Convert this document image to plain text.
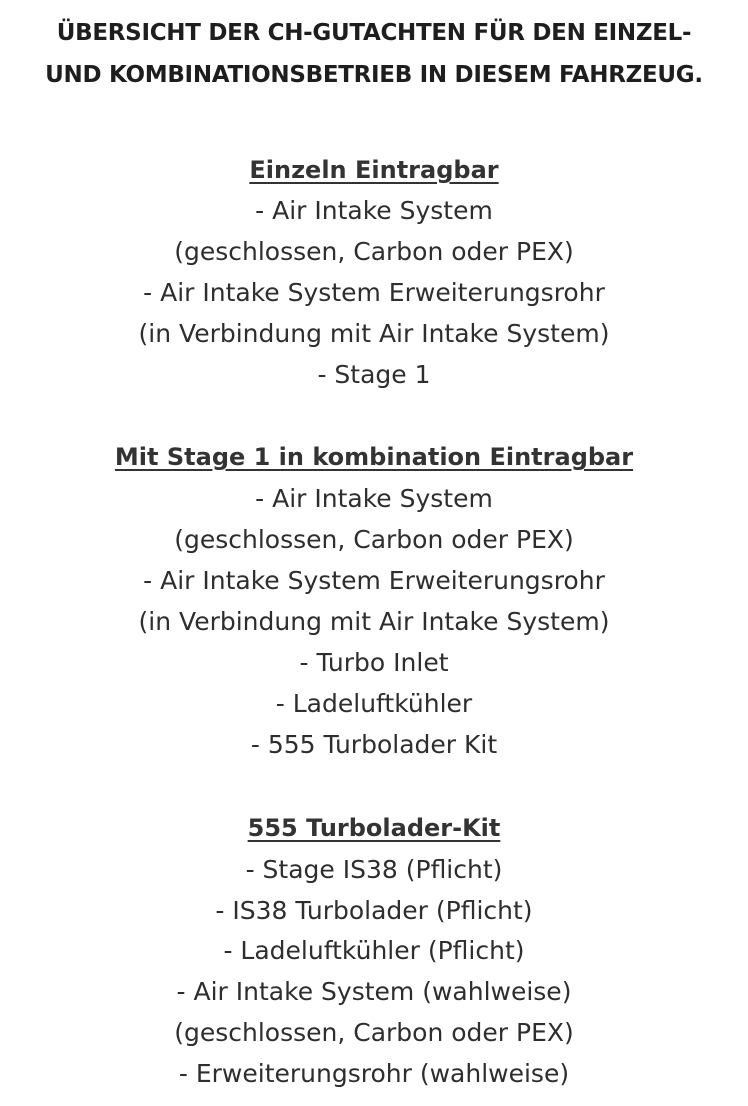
ÜBERSICHT DER CH-GUTACHTEN FÜR DEN EINZEL-
UND KOMBINATIONSBETRIEB IN DIESEM FAHRZEUG.
Einzeln Eintragbar
- Air Intake System
(geschlossen, Carbon oder PEX)
- Air Intake System Erweiterungsrohr
(in Verbindung mit Air Intake System)
- Stage 1
Mit Stage 1 in kombination Eintragbar
- Air Intake System
(geschlossen, Carbon oder PEX)
- Air Intake System Erweiterungsrohr
(in Verbindung mit Air Intake System)
- Turbo Inlet
- Ladeluftkühler
- 555 Turbolader Kit
555 Turbolader-Kit
- Stage IS38 (Pflicht)
- IS38 Turbolader (Pflicht)
- Ladeluftkühler (Pflicht)
- Air Intake System (wahlweise)
(geschlossen, Carbon oder PEX)
- Erweiterungsrohr (wahlweise)
